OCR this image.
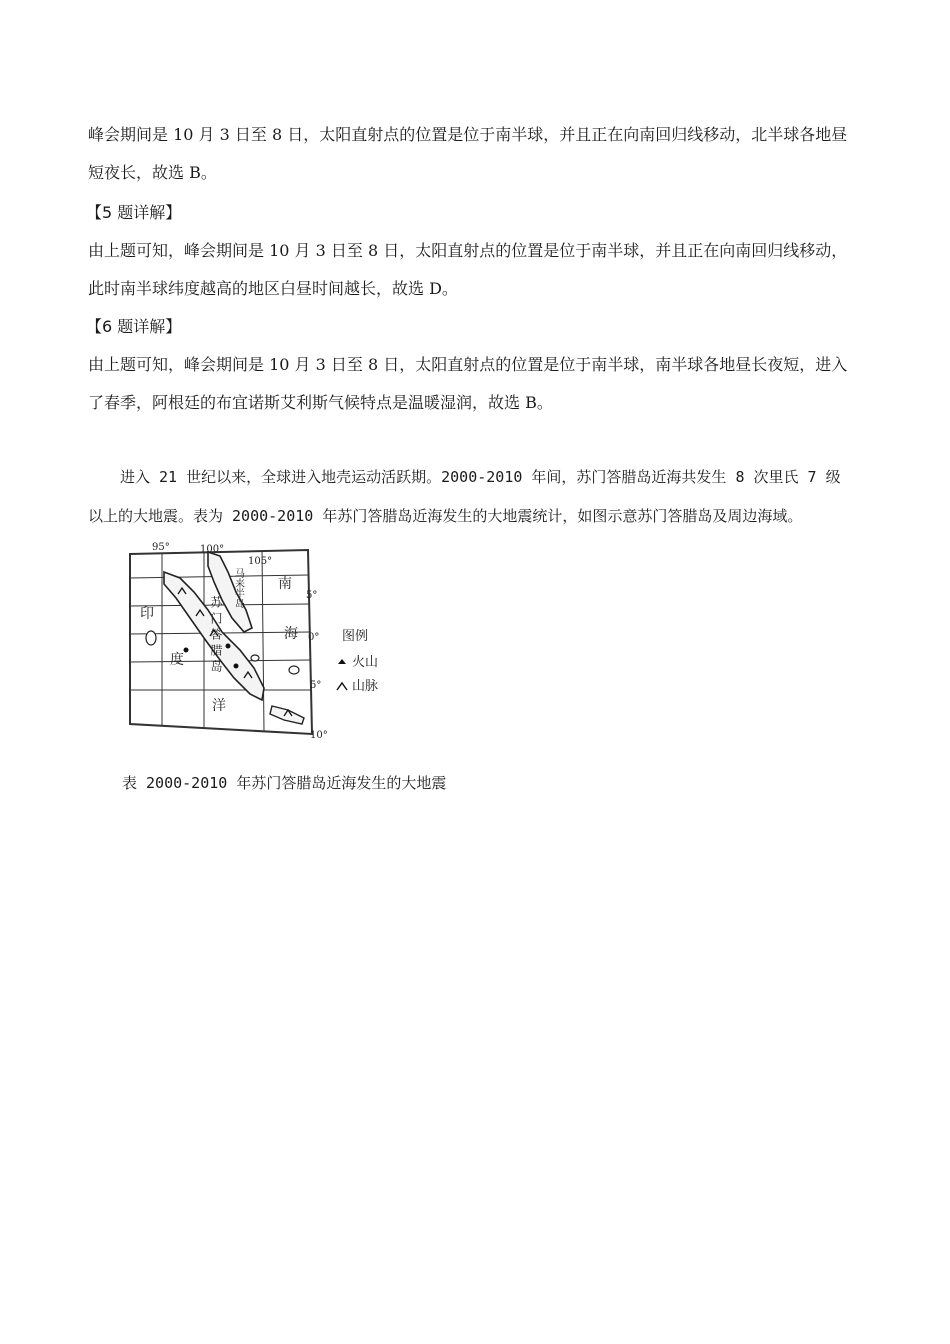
峰会期间是 10 月 3 日至 8 日，太阳直射点的位置是位于南半球，并且正在向南回归线移动，北半球各地昼
短夜长，故选 B。
【5 题详解】
由上题可知，峰会期间是 10 月 3 日至 8 日，太阳直射点的位置是位于南半球，并且正在向南回归线移动，
此时南半球纬度越高的地区白昼时间越长，故选 D。
【6 题详解】
由上题可知，峰会期间是 10 月 3 日至 8 日，太阳直射点的位置是位于南半球，南半球各地昼长夜短，进入
了春季，阿根廷的布宜诺斯艾利斯气候特点是温暖湿润，故选 B。
进入 21 世纪以来，全球进入地壳运动活跃期。2000-2010 年间，苏门答腊岛近海共发生 8 次里氏 7 级
以上的大地震。表为 2000-2010 年苏门答腊岛近海发生的大地震统计，如图示意苏门答腊岛及周边海域。
95°	100°
105°
5°
0°
5°
10°
印
度
洋
南
海
马来半岛
苏门答腊岛	图例
火山
山脉
表 2000-2010 年苏门答腊岛近海发生的大地震
